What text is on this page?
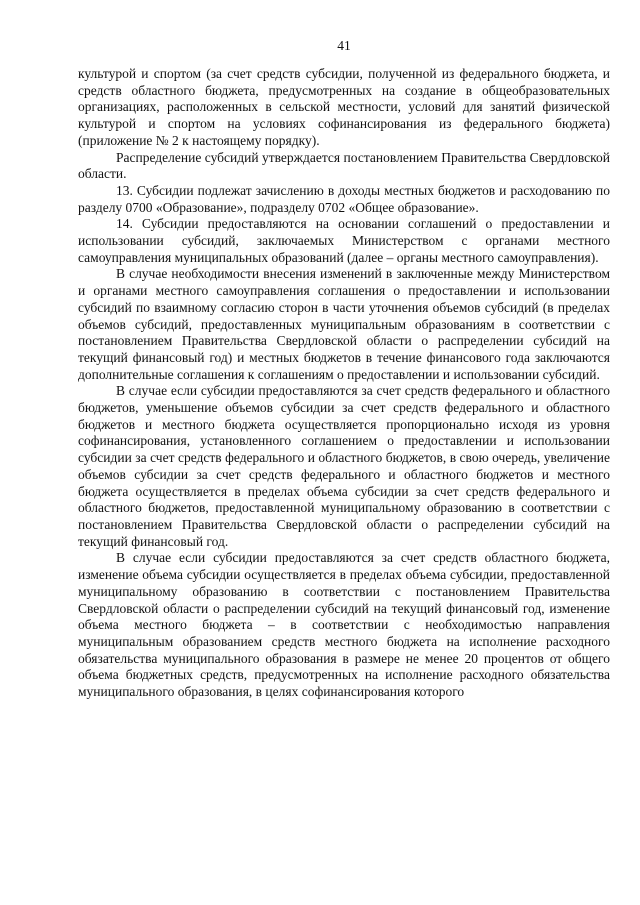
41

культурой и спортом (за счет средств субсидии, полученной из федерального бюджета, и средств областного бюджета, предусмотренных на создание в общеобразовательных организациях, расположенных в сельской местности, условий для занятий физической культурой и спортом на условиях софинансирования из федерального бюджета) (приложение № 2 к настоящему порядку).

Распределение субсидий утверждается постановлением Правительства Свердловской области.

13. Субсидии подлежат зачислению в доходы местных бюджетов и расходованию по разделу 0700 «Образование», подразделу 0702 «Общее образование».

14. Субсидии предоставляются на основании соглашений о предоставлении и использовании субсидий, заключаемых Министерством с органами местного самоуправления муниципальных образований (далее – органы местного самоуправления).

В случае необходимости внесения изменений в заключенные между Министерством и органами местного самоуправления соглашения о предоставлении и использовании субсидий по взаимному согласию сторон в части уточнения объемов субсидий (в пределах объемов субсидий, предоставленных муниципальным образованиям в соответствии с постановлением Правительства Свердловской области о распределении субсидий на текущий финансовый год) и местных бюджетов в течение финансового года заключаются дополнительные соглашения к соглашениям о предоставлении и использовании субсидий.

В случае если субсидии предоставляются за счет средств федерального и областного бюджетов, уменьшение объемов субсидии за счет средств федерального и областного бюджетов и местного бюджета осуществляется пропорционально исходя из уровня софинансирования, установленного соглашением о предоставлении и использовании субсидии за счет средств федерального и областного бюджетов, в свою очередь, увеличение объемов субсидии за счет средств федерального и областного бюджетов и местного бюджета осуществляется в пределах объема субсидии за счет средств федерального и областного бюджетов, предоставленной муниципальному образованию в соответствии с постановлением Правительства Свердловской области о распределении субсидий на текущий финансовый год.

В случае если субсидии предоставляются за счет средств областного бюджета, изменение объема субсидии осуществляется в пределах объема субсидии, предоставленной муниципальному образованию в соответствии с постановлением Правительства Свердловской области о распределении субсидий на текущий финансовый год, изменение объема местного бюджета – в соответствии с необходимостью направления муниципальным образованием средств местного бюджета на исполнение расходного обязательства муниципального образования в размере не менее 20 процентов от общего объема бюджетных средств, предусмотренных на исполнение расходного обязательства муниципального образования, в целях софинансирования которого
